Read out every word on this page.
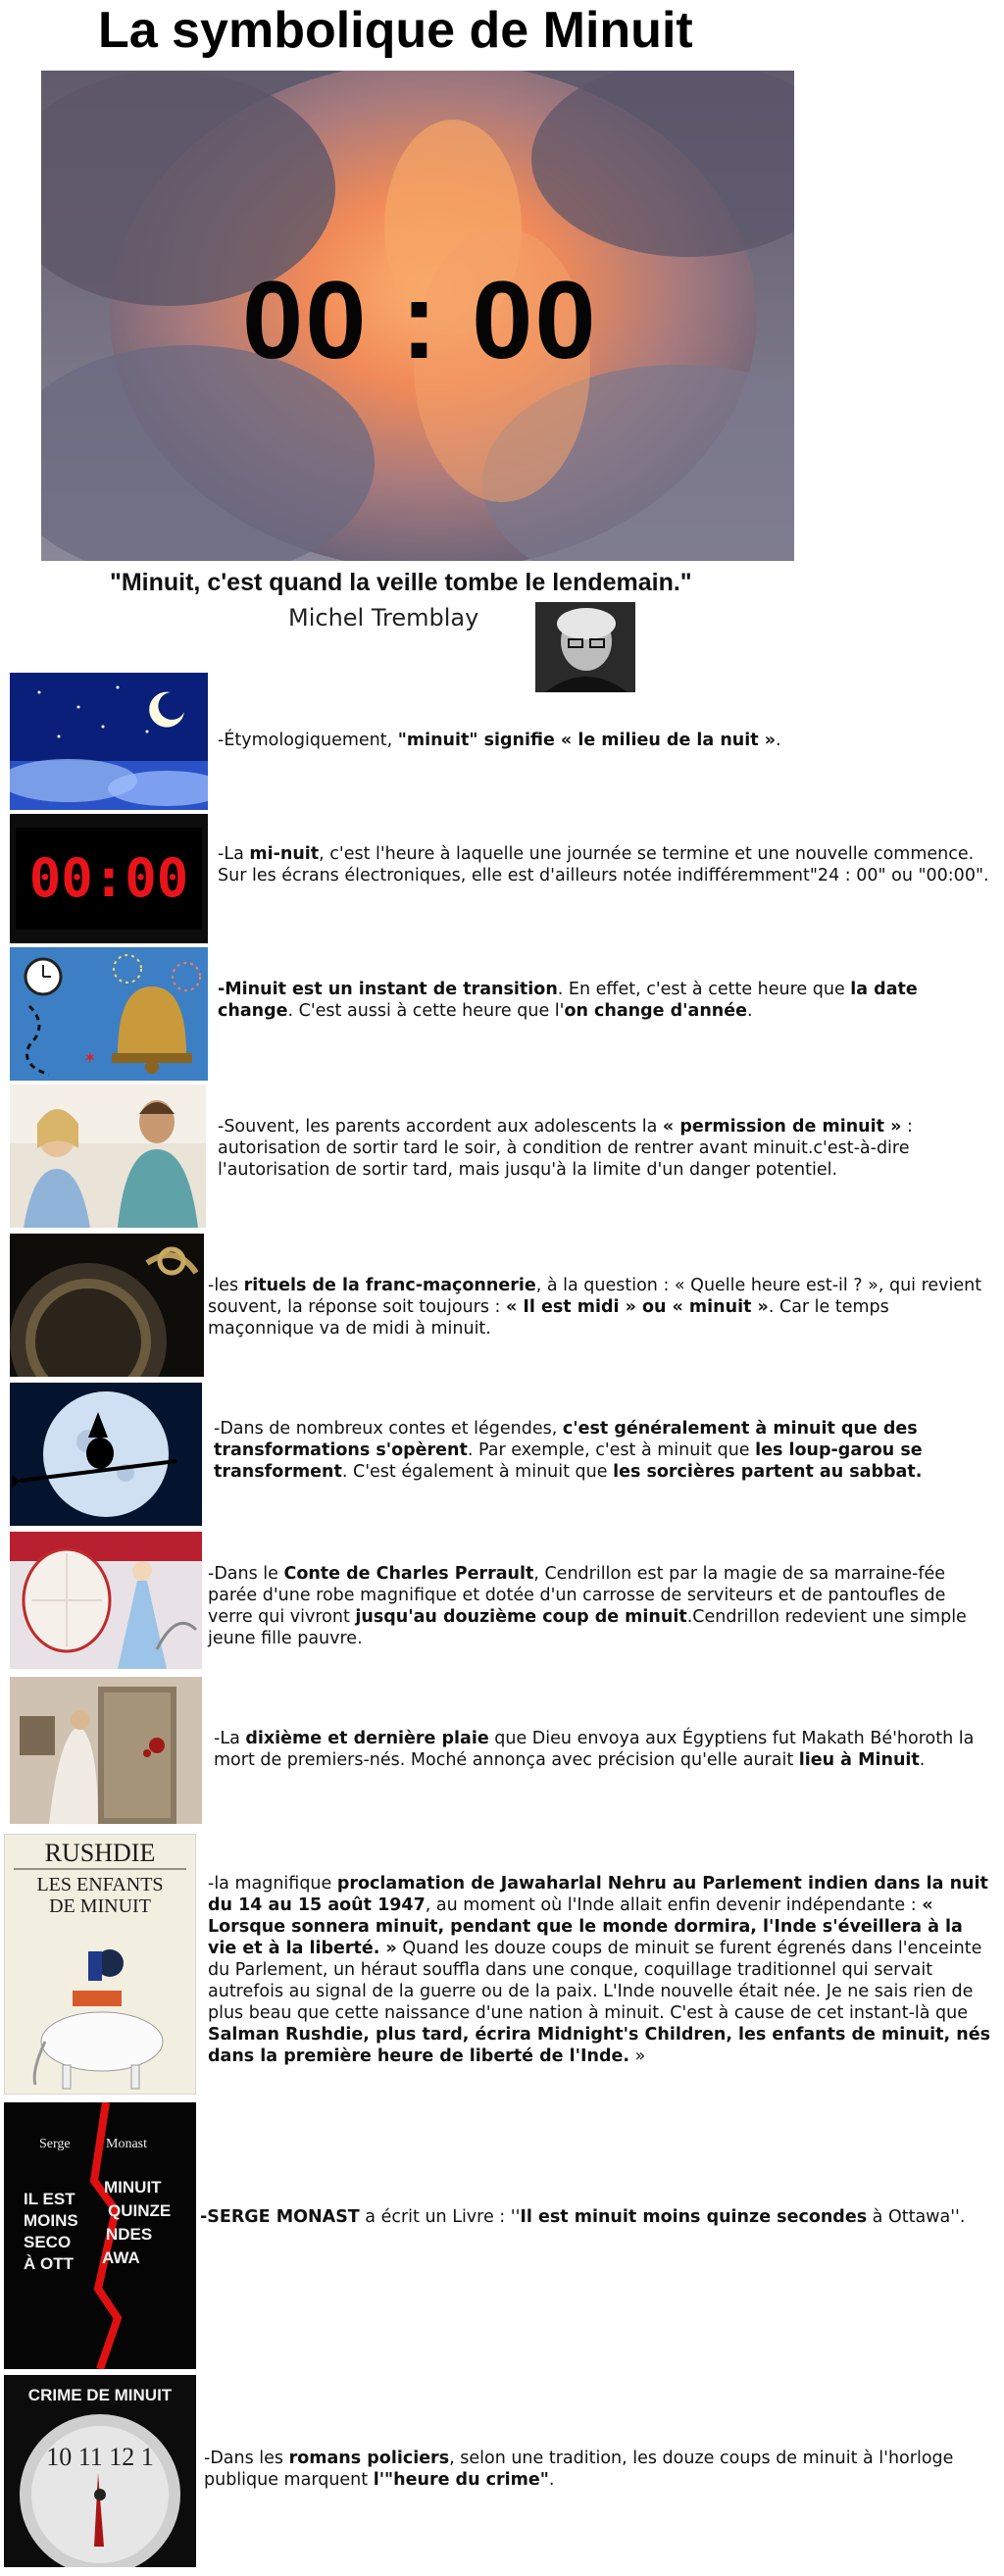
La symbolique de Minuit
00 : 00
"Minuit, c'est quand la veille tombe le lendemain."
Michel Tremblay
-Étymologiquement, "minuit" signifie « le milieu de la nuit ».
00:00 -La mi-nuit, c'est l'heure à laquelle une journée se termine et une nouvelle commence. Sur les écrans électroniques, elle est d'ailleurs notée indifféremment"24 : 00" ou "00:00".
✶
-Minuit est un instant de transition. En effet, c'est à cette heure que la date change. C'est aussi à cette heure que l'on change d'année.
-Souvent, les parents accordent aux adolescents la « permission de minuit » : autorisation de sortir tard le soir, à condition de rentrer avant minuit.c'est-à-dire l'autorisation de sortir tard, mais jusqu'à la limite d'un danger potentiel.
-les rituels de la franc-maçonnerie, à la question : « Quelle heure est-il ? », qui revient souvent, la réponse soit toujours : « Il est midi » ou « minuit ». Car le temps maçonnique va de midi à minuit.
-Dans de nombreux contes et légendes, c'est généralement à minuit que des transformations s'opèrent. Par exemple, c'est à minuit que les loup-garou se transforment. C'est également à minuit que les sorcières partent au sabbat.
-Dans le Conte de Charles Perrault, Cendrillon est par la magie de sa marraine-fée parée d'une robe magnifique et dotée d'un carrosse de serviteurs et de pantoufles de verre qui vivront jusqu'au douzième coup de minuit.Cendrillon redevient une simple jeune fille pauvre.
-La dixième et dernière plaie que Dieu envoya aux Égyptiens fut Makath Bé'horoth la mort de premiers-nés. Moché annonça avec précision qu'elle aurait lieu à Minuit.
RUSHDIE
LES ENFANTS
DE MINUIT
-la magnifique proclamation de Jawaharlal Nehru au Parlement indien dans la nuit du 14 au 15 août 1947, au moment où l'Inde allait enfin devenir indépendante : « Lorsque sonnera minuit, pendant que le monde dormira, l'Inde s'éveillera à la vie et à la liberté. » Quand les douze coups de minuit se furent égrenés dans l'enceinte du Parlement, un héraut souffla dans une conque, coquillage traditionnel qui servait autrefois au signal de la guerre ou de la paix. L'Inde nouvelle était née. Je ne sais rien de plus beau que cette naissance d'une nation à minuit. C'est à cause de cet instant-là que Salman Rushdie, plus tard, écrira Midnight's Children, les enfants de minuit, nés dans la première heure de liberté de l'Inde. »
Serge	Monast
IL EST
MINUIT
MOINS
QUINZE
SECO NDES
À OTT AWA
-SERGE MONAST a écrit un Livre : ''Il est minuit moins quinze secondes à Ottawa''.
CRIME DE MINUIT
10 11 12 1	-Dans les romans policiers, selon une tradition, les douze coups de minuit à l'horloge publique marquent l'"heure du crime".
